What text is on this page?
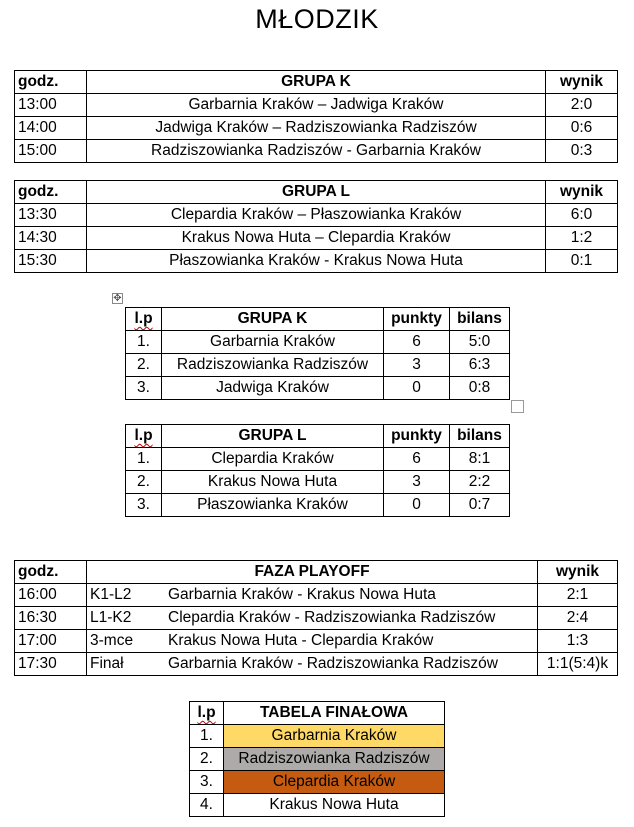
MŁODZIK
godz.	GRUPA K	wynik
13:00	Garbarnia Kraków – Jadwiga Kraków	2:0
14:00	Jadwiga Kraków – Radziszowianka Radziszów	0:6
15:00	Radziszowianka Radziszów - Garbarnia Kraków	0:3
godz.	GRUPA L	wynik
13:30	Clepardia Kraków – Płaszowianka Kraków	6:0
14:30	Krakus Nowa Huta – Clepardia Kraków	1:2
15:30	Płaszowianka Kraków - Krakus Nowa Huta	0:1
✥
l.p	GRUPA K	punkty	bilans
1.	Garbarnia Kraków	6	5:0
2.	Radziszowianka Radziszów	3	6:3
3.	Jadwiga Kraków	0	0:8
l.p	GRUPA L	punkty	bilans
1.	Clepardia Kraków	6	8:1
2.	Krakus Nowa Huta	3	2:2
3.	Płaszowianka Kraków	0	0:7
godz.	FAZA PLAYOFF	wynik
16:00	K1-L2 Garbarnia Kraków - Krakus Nowa Huta	2:1
16:30	L1-K2 Clepardia Kraków - Radziszowianka Radziszów	2:4
17:00	3-mce Krakus Nowa Huta - Clepardia Kraków	1:3
17:30	Finał Garbarnia Kraków - Radziszowianka Radziszów	1:1(5:4)k
l.p	TABELA FINAŁOWA
1.	Garbarnia Kraków
2.	Radziszowianka Radziszów
3.	Clepardia Kraków
4.	Krakus Nowa Huta
